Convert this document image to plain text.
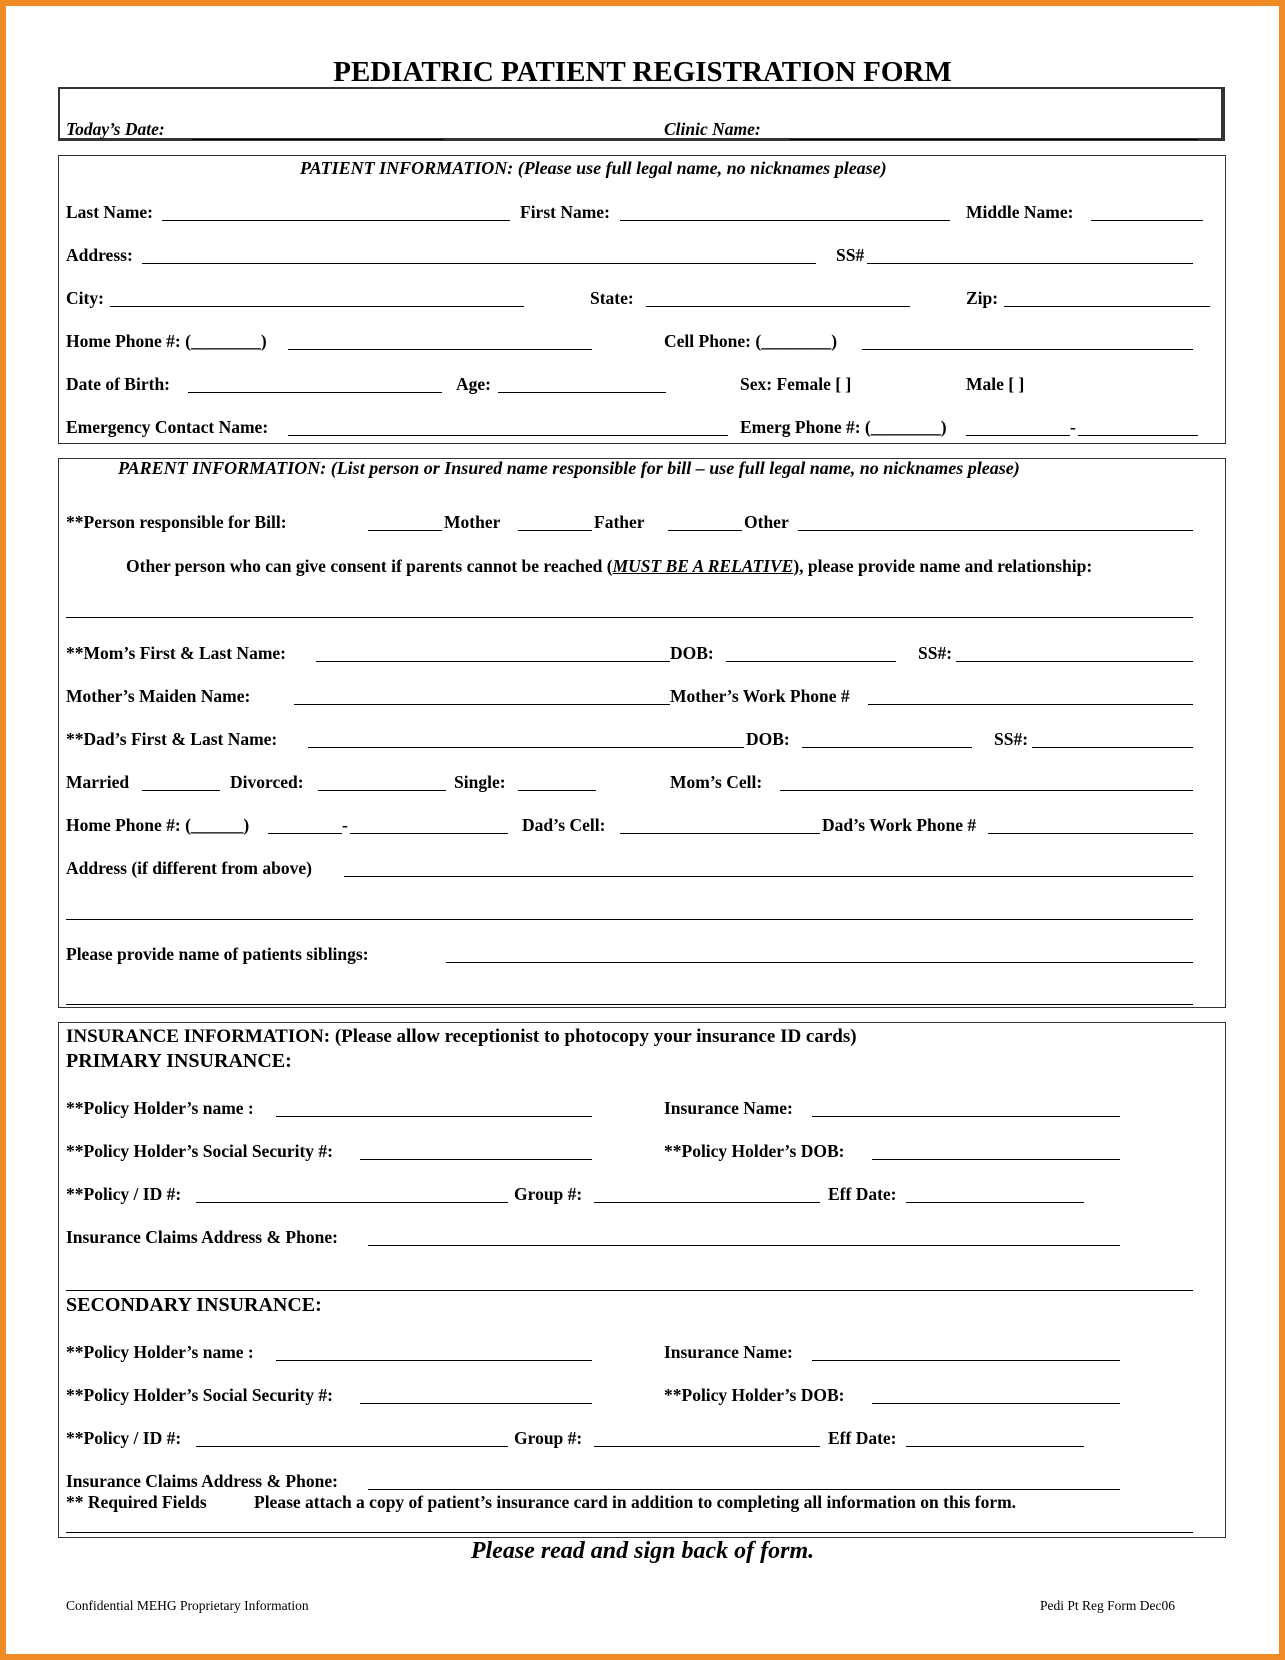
PEDIATRIC PATIENT REGISTRATION FORM
Today’s Date:	Clinic Name:
PATIENT INFORMATION: (Please use full legal name, no nicknames please)
Last Name:	First Name:	Middle Name:
Address:	SS#
City:	State:	Zip:
Home Phone #: (________)	Cell Phone: (________)
Date of Birth:	Age:	Sex: Female [ ]	Male [ ]
Emergency Contact Name:	Emerg Phone #: (________)	-
PARENT INFORMATION: (List person or Insured name responsible for bill – use full legal name, no nicknames please)
**Person responsible for Bill:	Mother	Father	Other
Other person who can give consent if parents cannot be reached (MUST BE A RELATIVE), please provide name and relationship:
**Mom’s First & Last Name:	DOB:	SS#:
Mother’s Maiden Name:	Mother’s Work Phone #
**Dad’s First & Last Name:	DOB:	SS#:
Married	Divorced:	Single:	Mom’s Cell:
Home Phone #: (______)	-	Dad’s Cell:	Dad’s Work Phone #
Address (if different from above)
Please provide name of patients siblings:
INSURANCE INFORMATION: (Please allow receptionist to photocopy your insurance ID cards)
PRIMARY INSURANCE:
**Policy Holder’s name :	Insurance Name:
**Policy Holder’s Social Security #:	**Policy Holder’s DOB:
**Policy / ID #:	Group #:	Eff Date:
Insurance Claims Address & Phone:
SECONDARY INSURANCE:
**Policy Holder’s name :	Insurance Name:
**Policy Holder’s Social Security #:	**Policy Holder’s DOB:
**Policy / ID #:	Group #:	Eff Date:
Insurance Claims Address & Phone:
** Required Fields	Please attach a copy of patient’s insurance card in addition to completing all information on this form.
Please read and sign back of form.
Confidential MEHG Proprietary Information	Pedi Pt Reg Form Dec06
